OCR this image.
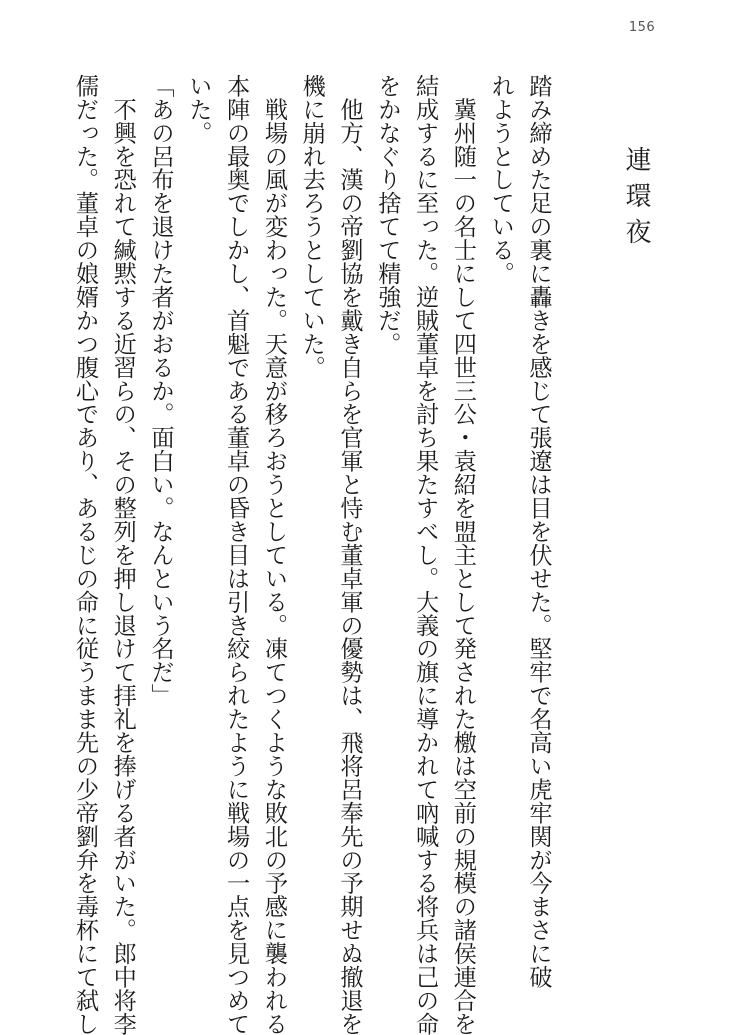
156
連環夜
踏み締めた足の裏に轟きを感じて張遼は目を伏せた。堅牢で名高い虎牢関が今まさに破
れようとしている。
　冀州随一の名士にして四世三公・袁紹を盟主として発された檄は空前の規模の諸侯連合を
結成するに至った。逆賊董卓を討ち果たすべし。大義の旗に導かれて吶喊する将兵は己の命
をかなぐり捨てて精強だ。
　他方、漢の帝劉協を戴き自らを官軍と恃む董卓軍の優勢は、飛将呂奉先の予期せぬ撤退を
機に崩れ去ろうとしていた。
　戦場の風が変わった。天意が移ろおうとしている。凍てつくような敗北の予感に襲われる
本陣の最奥でしかし、首魁である董卓の昏き目は引き絞られたように戦場の一点を見つめて
いた。
「あの呂布を退けた者がおるか。面白い。なんという名だ」
　不興を恐れて緘黙する近習らの、その整列を押し退けて拝礼を捧げる者がいた。郎中将李
儒だった。董卓の娘婿かつ腹心であり、あるじの命に従うまま先の少帝劉弁を毒杯にて弑し
